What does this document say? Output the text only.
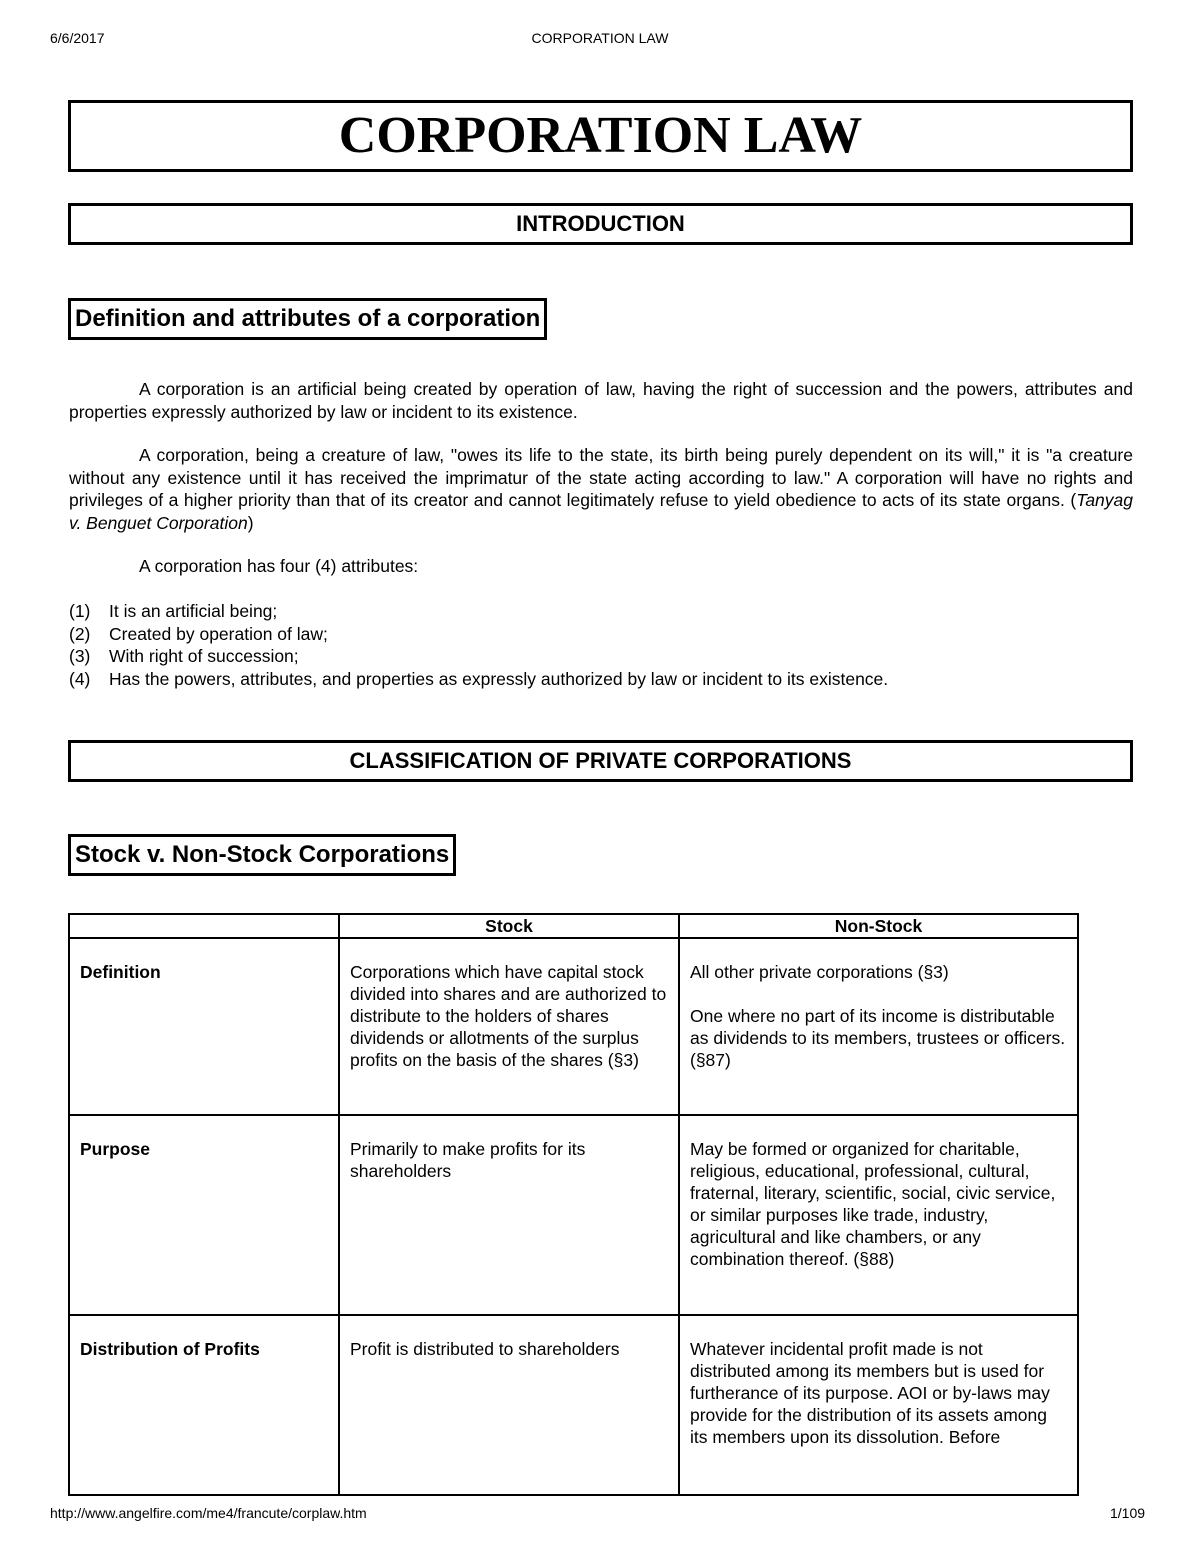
6/6/2017	CORPORATION LAW
CORPORATION LAW
INTRODUCTION
Definition and attributes of a corporation

A corporation is an artificial being created by operation of law, having the right of succession and the powers, attributes and properties expressly authorized by law or incident to its existence.

A corporation, being a creature of law, "owes its life to the state, its birth being purely dependent on its will," it is "a creature without any existence until it has received the imprimatur of the state acting according to law." A corporation will have no rights and privileges of a higher priority than that of its creator and cannot legitimately refuse to yield obedience to acts of its state organs. (Tanyag v. Benguet Corporation)

A corporation has four (4) attributes:

(1) It is an artificial being;
(2) Created by operation of law;
(3) With right of succession;
(4) Has the powers, attributes, and properties as expressly authorized by law or incident to its existence.
CLASSIFICATION OF PRIVATE CORPORATIONS
Stock v. Non-Stock Corporations
	Stock	Non-Stock
Definition	Corporations which have capital stock divided into shares and are authorized to distribute to the holders of shares dividends or allotments of the surplus profits on the basis of the shares (§3)	All other private corporations (§3)

One where no part of its income is distributable as dividends to its members, trustees or officers. (§87)

Purpose	Primarily to make profits for its shareholders	May be formed or organized for charitable, religious, educational, professional, cultural, fraternal, literary, scientific, social, civic service, or similar purposes like trade, industry, agricultural and like chambers, or any combination thereof. (§88)

Distribution of Profits	Profit is distributed to shareholders	Whatever incidental profit made is not distributed among its members but is used for furtherance of its purpose. AOI or by-laws may provide for the distribution of its assets among its members upon its dissolution. Before

http://www.angelfire.com/me4/francute/corplaw.htm	1/109
